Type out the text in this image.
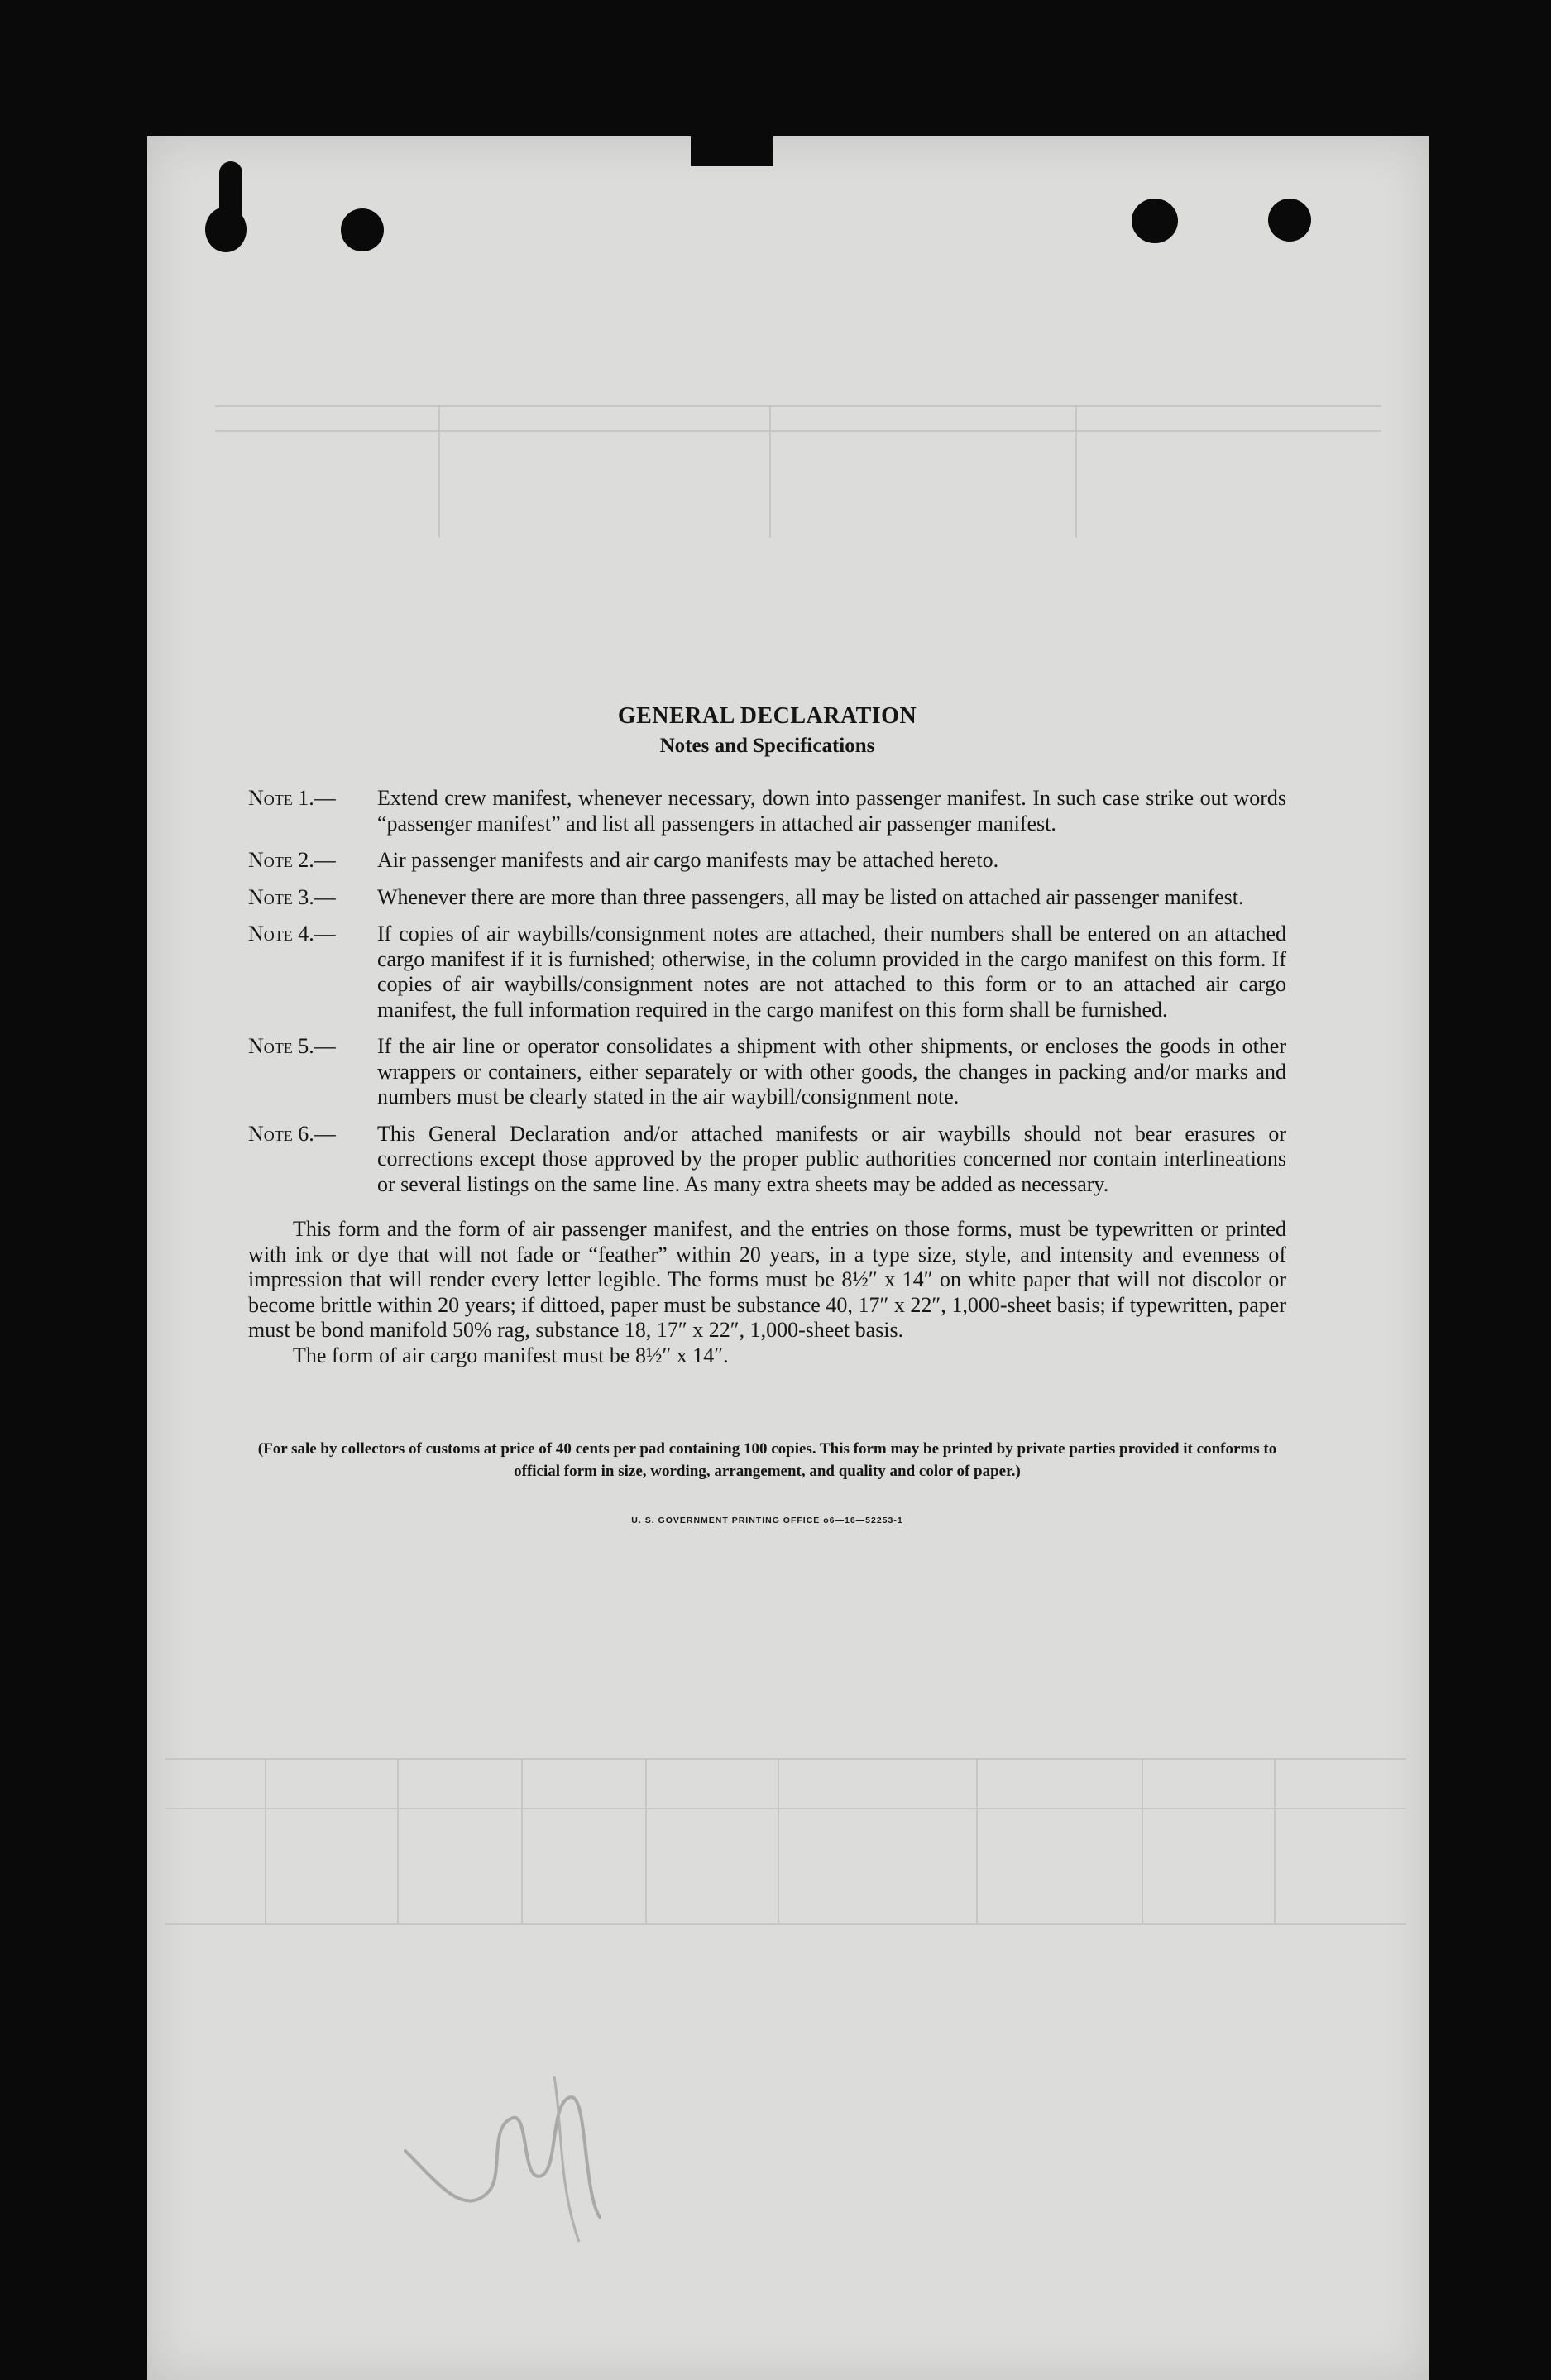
GENERAL DECLARATION

Notes and Specifications

Note 1.—	Extend crew manifest, whenever necessary, down into passenger manifest. In such case strike out words “passenger manifest” and list all passengers in attached air passenger manifest.
Note 2.—	Air passenger manifests and air cargo manifests may be attached hereto.
Note 3.—	Whenever there are more than three passengers, all may be listed on attached air passenger manifest.
Note 4.—	If copies of air waybills/consignment notes are attached, their numbers shall be entered on an attached cargo manifest if it is furnished; otherwise, in the column provided in the cargo manifest on this form. If copies of air waybills/consignment notes are not attached to this form or to an attached air cargo manifest, the full information required in the cargo manifest on this form shall be furnished.
Note 5.—	If the air line or operator consolidates a shipment with other shipments, or encloses the goods in other wrappers or containers, either separately or with other goods, the changes in packing and/or marks and numbers must be clearly stated in the air waybill/consignment note.
Note 6.—	This General Declaration and/or attached manifests or air waybills should not bear erasures or corrections except those approved by the proper public authorities concerned nor contain interlineations or several listings on the same line. As many extra sheets may be added as necessary.

This form and the form of air passenger manifest, and the entries on those forms, must be typewritten or printed with ink or dye that will not fade or “feather” within 20 years, in a type size, style, and intensity and evenness of impression that will render every letter legible. The forms must be 8½″ x 14″ on white paper that will not discolor or become brittle within 20 years; if dittoed, paper must be substance 40, 17″ x 22″, 1,000-sheet basis; if typewritten, paper must be bond manifold 50% rag, substance 18, 17″ x 22″, 1,000-sheet basis.

The form of air cargo manifest must be 8½″ x 14″.

(For sale by collectors of customs at price of 40 cents per pad containing 100 copies. This form may be printed by private parties provided it conforms to official form in size, wording, arrangement, and quality and color of paper.)
U. S. GOVERNMENT PRINTING OFFICE o6—16—52253-1
